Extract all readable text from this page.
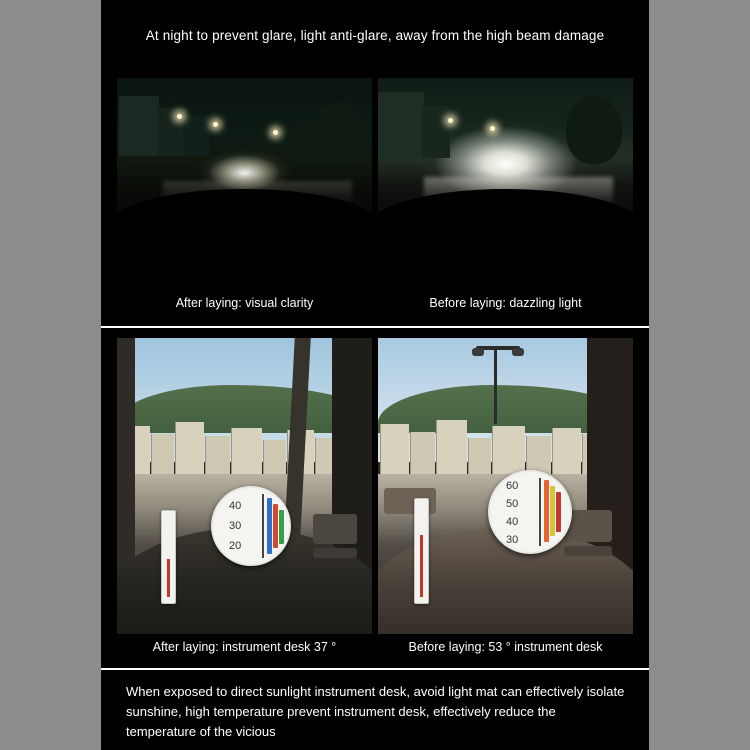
At night to prevent glare, light anti-glare, away from the high beam damage
After laying: visual clarity	Before laying: dazzling light
40
30
20
60
50
40
30
After laying: instrument desk 37 °	Before laying: 53 ° instrument desk
When exposed to direct sunlight instrument desk, avoid light mat can effectively isolate sunshine, high temperature prevent instrument desk, effectively reduce the temperature of the vicious
